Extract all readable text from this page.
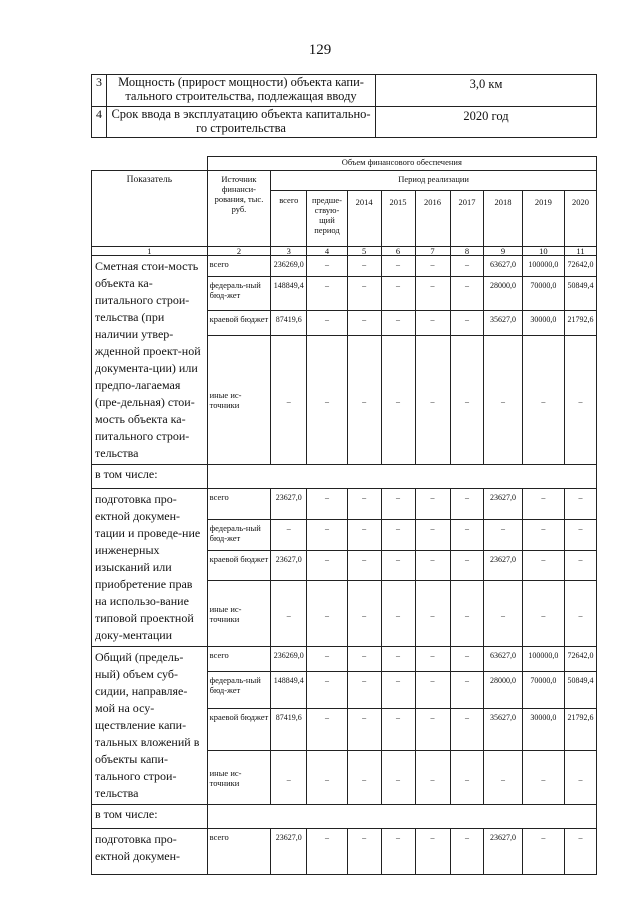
129
3	Мощность (прирост мощности) объекта капи-
тального строительства, подлежащая вводу	3,0 км
4	Срок ввода в эксплуатацию объекта капитально-
го строительства	2020 год
	Объем финансового обеспечения									
Показатель	Источник финанси-рования, тыс. руб.	Период реализации								
		всего	предше-ствую-щий период	2014	2015	2016	2017	2018	2019	2020
1	2	3	4	5	6	7	8	9	10	11
Сметная стои-мость объекта ка-питального строи-тельства (при наличии утвер-жденной проект-ной документа-ции) или предпо-лагаемая (пре-дельная) стои-мость объекта ка-питального строи-тельства	всего	236269,0	–	–	–	–	–	63627,0	100000,0	72642,0
	федераль-ный бюд-жет	148849,4	–	–	–	–	–	28000,0	70000,0	50849,4
	краевой бюджет	87419,6	–	–	–	–	–	35627,0	30000,0	21792,6
	иные ис-точники	–	–	–	–	–	–	–	–	–
в том числе:										
подготовка про-ектной докумен-тации и проведе-ние инженерных изысканий или приобретение прав на использо-вание типовой проектной доку-ментации	всего	23627,0	–	–	–	–	–	23627,0	–	–
	федераль-ный бюд-жет	–	–	–	–	–	–	–	–	–
	краевой бюджет	23627,0	–	–	–	–	–	23627,0	–	–
	иные ис-точники	–	–	–	–	–	–	–	–	–
Общий (предель-ный) объем суб-сидии, направляе-мой на осу-ществление капи-тальных вложений в объекты капи-тального строи-тельства	всего	236269,0	–	–	–	–	–	63627,0	100000,0	72642,0
	федераль-ный бюд-жет	148849,4	–	–	–	–	–	28000,0	70000,0	50849,4
	краевой бюджет	87419,6	–	–	–	–	–	35627,0	30000,0	21792,6
	иные ис-точники	–	–	–	–	–	–	–	–	–
в том числе:										
подготовка про-ектной докумен-	всего	23627,0	–	–	–	–	–	23627,0	–	–
